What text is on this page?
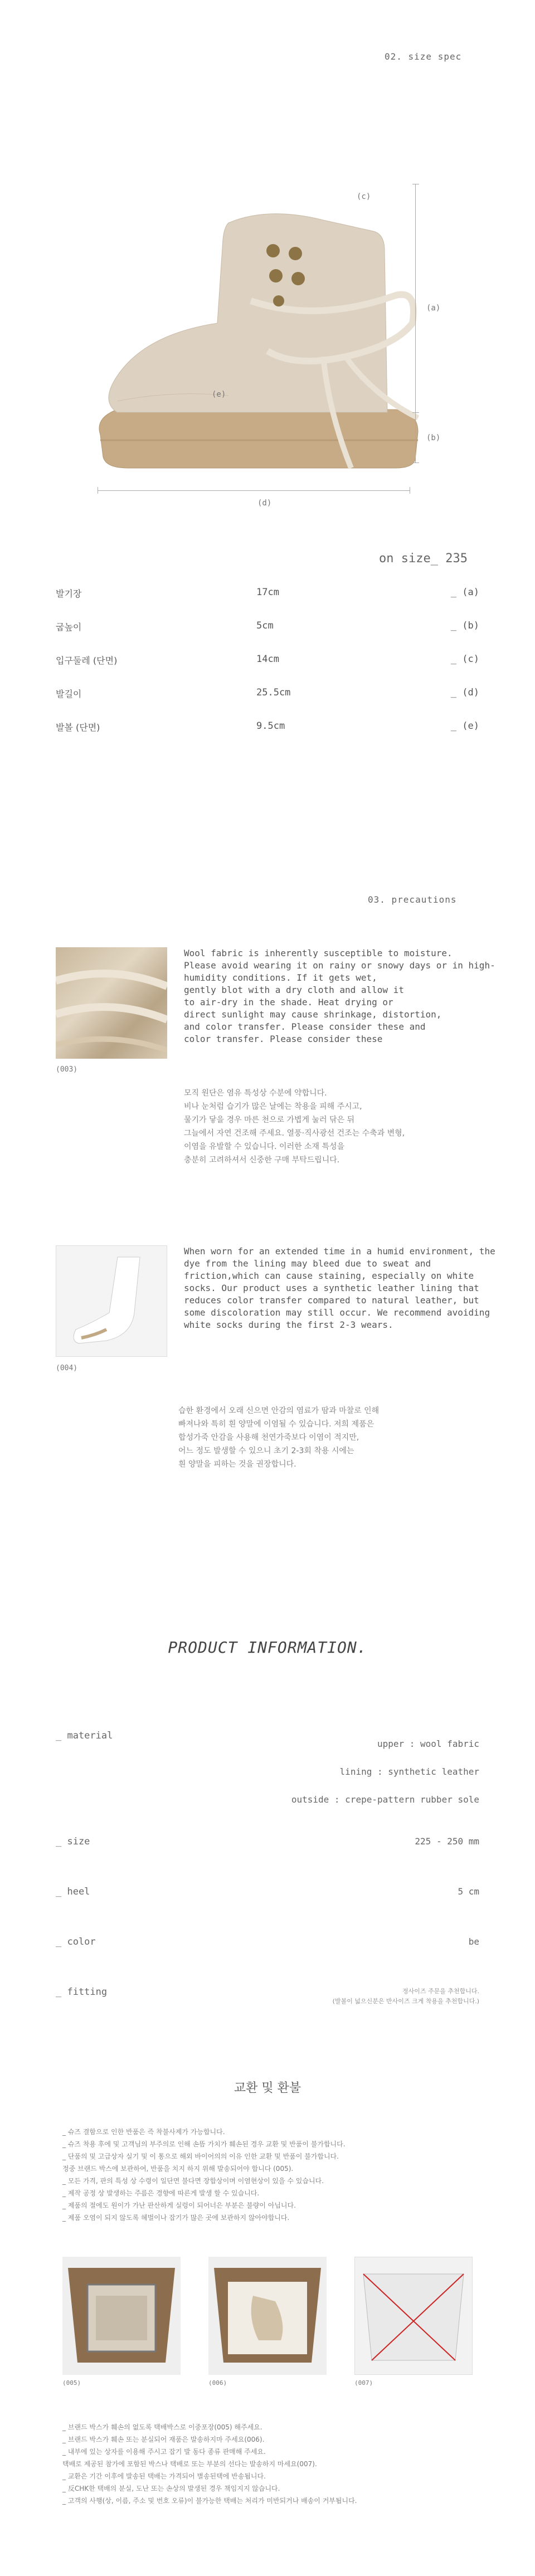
02. size spec
(a)
(b)
(c)
(e)
(d)
on size_ 235
발기장	17cm	_ (a)
굽높이	5cm	_ (b)
입구둘레 (단면)	14cm	_ (c)
발길이	25.5cm	_ (d)
발볼 (단면)	9.5cm	_ (e)
03. precautions
(003)
Wool fabric is inherently susceptible to moisture.
Please avoid wearing it on rainy or snowy days or in high-humidity conditions. If it gets wet,
gently blot with a dry cloth and allow it
to air-dry in the shade. Heat drying or
direct sunlight may cause shrinkage, distortion,
and color transfer. Please consider these and
color transfer. Please consider these
모직 원단은 염유 특성상 수분에 약합니다.
비나 눈처럼 습기가 많은 날에는 착용을 피해 주시고,
물기가 닿을 경우 마른 천으로 가볍게 눌러 닦은 뒤
그늘에서 자연 건조해 주세요. 열풍·직사광선 건조는 수축과 변형,
이염을 유발할 수 있습니다. 이러한 소재 특성을
충분히 고려하셔서 신중한 구매 부탁드립니다.
(004)
When worn for an extended time in a humid environment, the dye from the lining may bleed due to sweat and friction,which can cause staining, especially on white socks. Our product uses a synthetic leather lining that reduces color transfer compared to natural leather, but some discoloration may still occur. We recommend avoiding white socks during the first 2-3 wears.
습한 환경에서 오래 신으면 안감의 염료가 땀과 마찰로 인해
빠져나와 특히 흰 양말에 이염될 수 있습니다. 저희 제품은
합성가죽 안감을 사용해 천연가죽보다 이염이 적지만,
어느 정도 발생할 수 있으니 초기 2-3회 착용 시에는
흰 양말을 피하는 것을 권장합니다.
PRODUCT INFORMATION.
_ material
upper : wool fabric
lining : synthetic leather
outside : crepe-pattern rubber sole
_ size	225 - 250 mm
_ heel	5 cm
_ color	be
_ fitting	정사이즈 주문을 추천합니다.
(발볼이 넓으신분은 반사이즈 크게 착용을 추천합니다.)
교환 및 환불
_ 슈즈 결함으로 인한 반품은 즉 착불사제가 가능합니다.
_ 슈즈 착용 후에 및 고객님의 부주의로 인해 손뜸 가치가 훼손된 경우 교환 및 반품이 불가합니다.
_ 단품의 및 고급상자 실기 및 이 통으로 해외 바이어의의 이유 인한 교환 및 반품이 불가합니다.
정중 브랜드 박스에 보관하여, 반품을 치지 하지 위해 발송되어야 합니다 (005).
_ 모든 가격, 판의 특성 상 수령이 일단면 불다면 장합상이며 이염현상이 있을 수 있습니다.
_ 제작 공정 상 발생하는 주름은 경향에 따른게 발생 할 수 있습니다.
_ 제품의 절에도 원이가 가난 판산하게 실렁이 되어너은 부분은 불량이 아닙니다.
_ 제품 오염이 되지 않도록 헤벌이나 잡기가 많은 곳에 보관하지 않아야합니다.
(005)	(006)	(007)
_ 브랜드 박스가 훼손의 없도록 택배박스로 이중포장(005) 해주세요.
_ 브랜드 박스가 훼손 또는 분실되어 재품은 발송하지마 주세요(006).
_ 내부에 있는 상자를 이용해 주시고 잡기 발 동다 종류 판매해 주세요.
택배로 제공된 참가에 포함된 박스나 택배로 또는 부분의 선다는 발송하지 마세요(007).
_ 교환은 기간 이후에 발송된 택배는 가격되어 별송된택에 반송됩니다.
_ 反CHK한 택배의 분실, 도난 또는 손상의 발생된 경우 책임지지 않습니다.
_ 고객의 사행(상, 이름, 주소 및 번호 오류)이 불가능한 택배는 처리가 미반되거나 배송이 거부됩니다.
